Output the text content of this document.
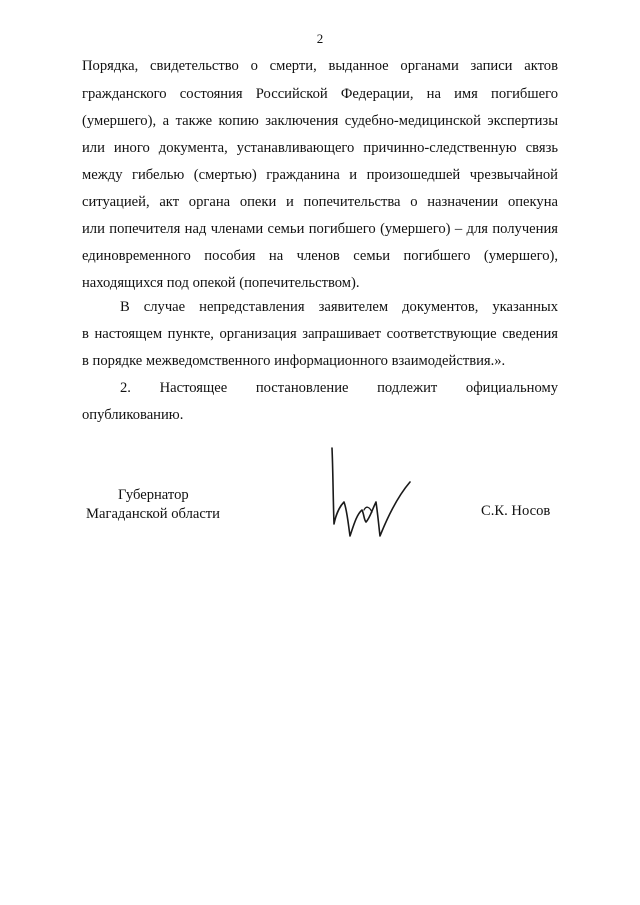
2
Порядка, свидетельство о смерти, выданное органами записи актов
гражданского состояния Российской Федерации, на имя погибшего
(умершего), а также копию заключения судебно-медицинской экспертизы
или иного документа, устанавливающего причинно-следственную связь
между гибелью (смертью) гражданина и произошедшей чрезвычайной
ситуацией, акт органа опеки и попечительства о назначении опекуна
или попечителя над членами семьи погибшего (умершего) – для получения
единовременного пособия на членов семьи погибшего (умершего),
находящихся под опекой (попечительством).
В случае непредставления заявителем документов, указанных
в настоящем пункте, организация запрашивает соответствующие сведения
в порядке межведомственного информационного взаимодействия.».
2. Настоящее постановление подлежит официальному
опубликованию.
Губернатор
Магаданской области	С.К. Носов
